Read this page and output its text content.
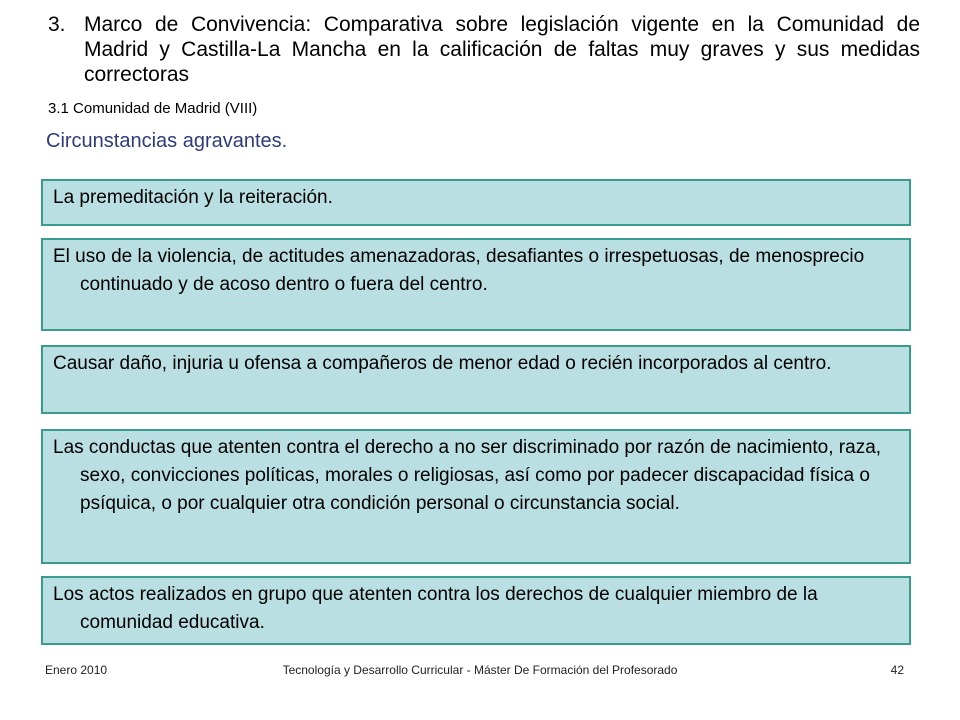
3. Marco de Convivencia: Comparativa sobre legislación vigente en la Comunidad de Madrid y Castilla-La Mancha en la calificación de faltas muy graves y sus medidas correctoras
3.1 Comunidad de Madrid (VIII)
Circunstancias agravantes.

La premeditación y la reiteración.

El uso de la violencia, de actitudes amenazadoras, desafiantes o irrespetuosas, de menosprecio continuado y de acoso dentro o fuera del centro.

Causar daño, injuria u ofensa a compañeros de menor edad o recién incorporados al centro.

Las conductas que atenten contra el derecho a no ser discriminado por razón de nacimiento, raza, sexo, convicciones políticas, morales o religiosas, así como por padecer discapacidad física o psíquica, o por cualquier otra condición personal o circunstancia social.

Los actos realizados en grupo que atenten contra los derechos de cualquier miembro de la comunidad educativa.

Enero 2010	Tecnología y Desarrollo Curricular - Máster De Formación del Profesorado	42
